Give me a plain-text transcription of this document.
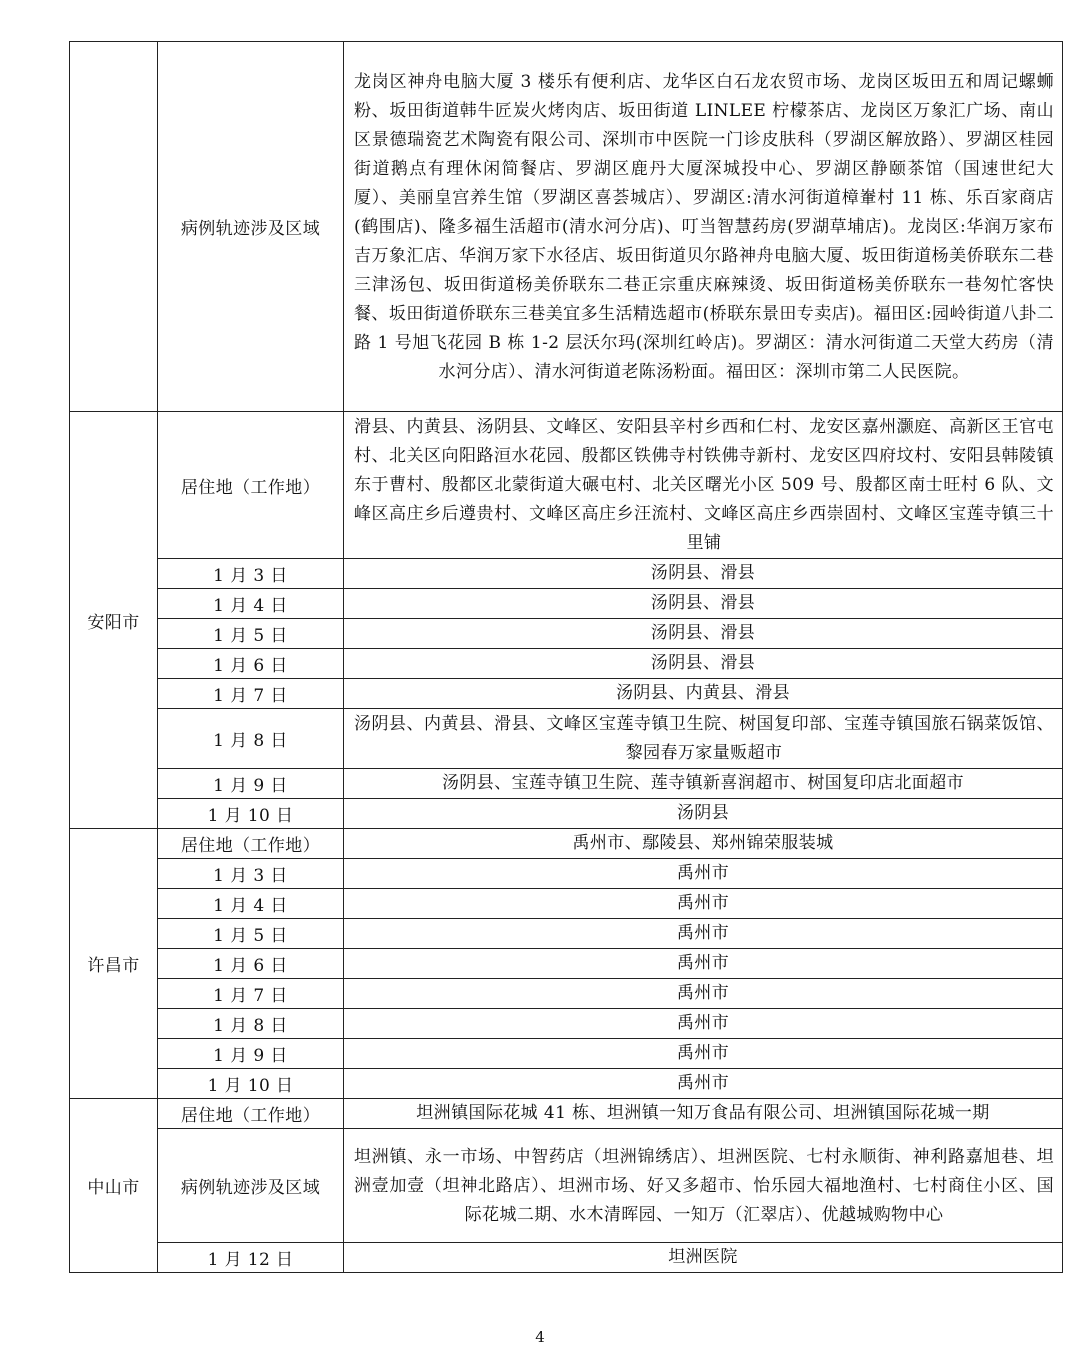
	病例轨迹涉及区域	龙岗区神舟电脑大厦 3 楼乐有便利店、龙华区白石龙农贸市场、龙岗区坂田五和周记螺蛳粉、坂田街道韩牛匠炭火烤肉店、坂田街道 LINLEE 柠檬茶店、龙岗区万象汇广场、南山区景德瑞瓷艺术陶瓷有限公司、深圳市中医院一门诊皮肤科（罗湖区解放路）、罗湖区桂园街道鹅点有理休闲简餐店、罗湖区鹿丹大厦深城投中心、罗湖区静颐茶馆（国速世纪大厦）、美丽皇宫养生馆（罗湖区喜荟城店）、罗湖区:清水河街道樟輋村 11 栋、乐百家商店(鹤围店)、隆多福生活超市(清水河分店)、叮当智慧药房(罗湖草埔店)。龙岗区:华润万家布吉万象汇店、华润万家下水径店、坂田街道贝尔路神舟电脑大厦、坂田街道杨美侨联东二巷三津汤包、坂田街道杨美侨联东二巷正宗重庆麻辣烫、坂田街道杨美侨联东一巷匆忙客快餐、坂田街道侨联东三巷美宜多生活精选超市(桥联东景田专卖店)。福田区:园岭街道八卦二路 1 号旭飞花园 B 栋 1-2 层沃尔玛(深圳红岭店)。罗湖区：清水河街道二天堂大药房（清水河分店）、清水河街道老陈汤粉面。福田区：深圳市第二人民医院。
安阳市	居住地（工作地）	滑县、内黄县、汤阴县、文峰区、安阳县辛村乡西和仁村、龙安区嘉州灏庭、高新区王官屯村、北关区向阳路洹水花园、殷都区铁佛寺村铁佛寺新村、龙安区四府坟村、安阳县韩陵镇东于曹村、殷都区北蒙街道大碾屯村、北关区曙光小区 509 号、殷都区南士旺村 6 队、文峰区高庄乡后遵贵村、文峰区高庄乡汪流村、文峰区高庄乡西崇固村、文峰区宝莲寺镇三十里铺
	1 月 3 日	汤阴县、滑县
	1 月 4 日	汤阴县、滑县
	1 月 5 日	汤阴县、滑县
	1 月 6 日	汤阴县、滑县
	1 月 7 日	汤阴县、内黄县、滑县
	1 月 8 日	汤阴县、内黄县、滑县、文峰区宝莲寺镇卫生院、树国复印部、宝莲寺镇国旅石锅菜饭馆、黎园春万家量贩超市
	1 月 9 日	汤阴县、宝莲寺镇卫生院、莲寺镇新喜润超市、树国复印店北面超市
	1 月 10 日	汤阴县
许昌市	居住地（工作地）	禹州市、鄢陵县、郑州锦荣服装城
	1 月 3 日	禹州市
	1 月 4 日	禹州市
	1 月 5 日	禹州市
	1 月 6 日	禹州市
	1 月 7 日	禹州市
	1 月 8 日	禹州市
	1 月 9 日	禹州市
	1 月 10 日	禹州市
中山市	居住地（工作地）	坦洲镇国际花城 41 栋、坦洲镇一知万食品有限公司、坦洲镇国际花城一期
	病例轨迹涉及区域	坦洲镇、永一市场、中智药店（坦洲锦绣店）、坦洲医院、七村永顺街、神利路嘉旭巷、坦洲壹加壹（坦神北路店）、坦洲市场、好又多超市、怡乐园大福地渔村、七村商住小区、国际花城二期、水木清晖园、一知万（汇翠店）、优越城购物中心
	1 月 12 日	坦洲医院
4
